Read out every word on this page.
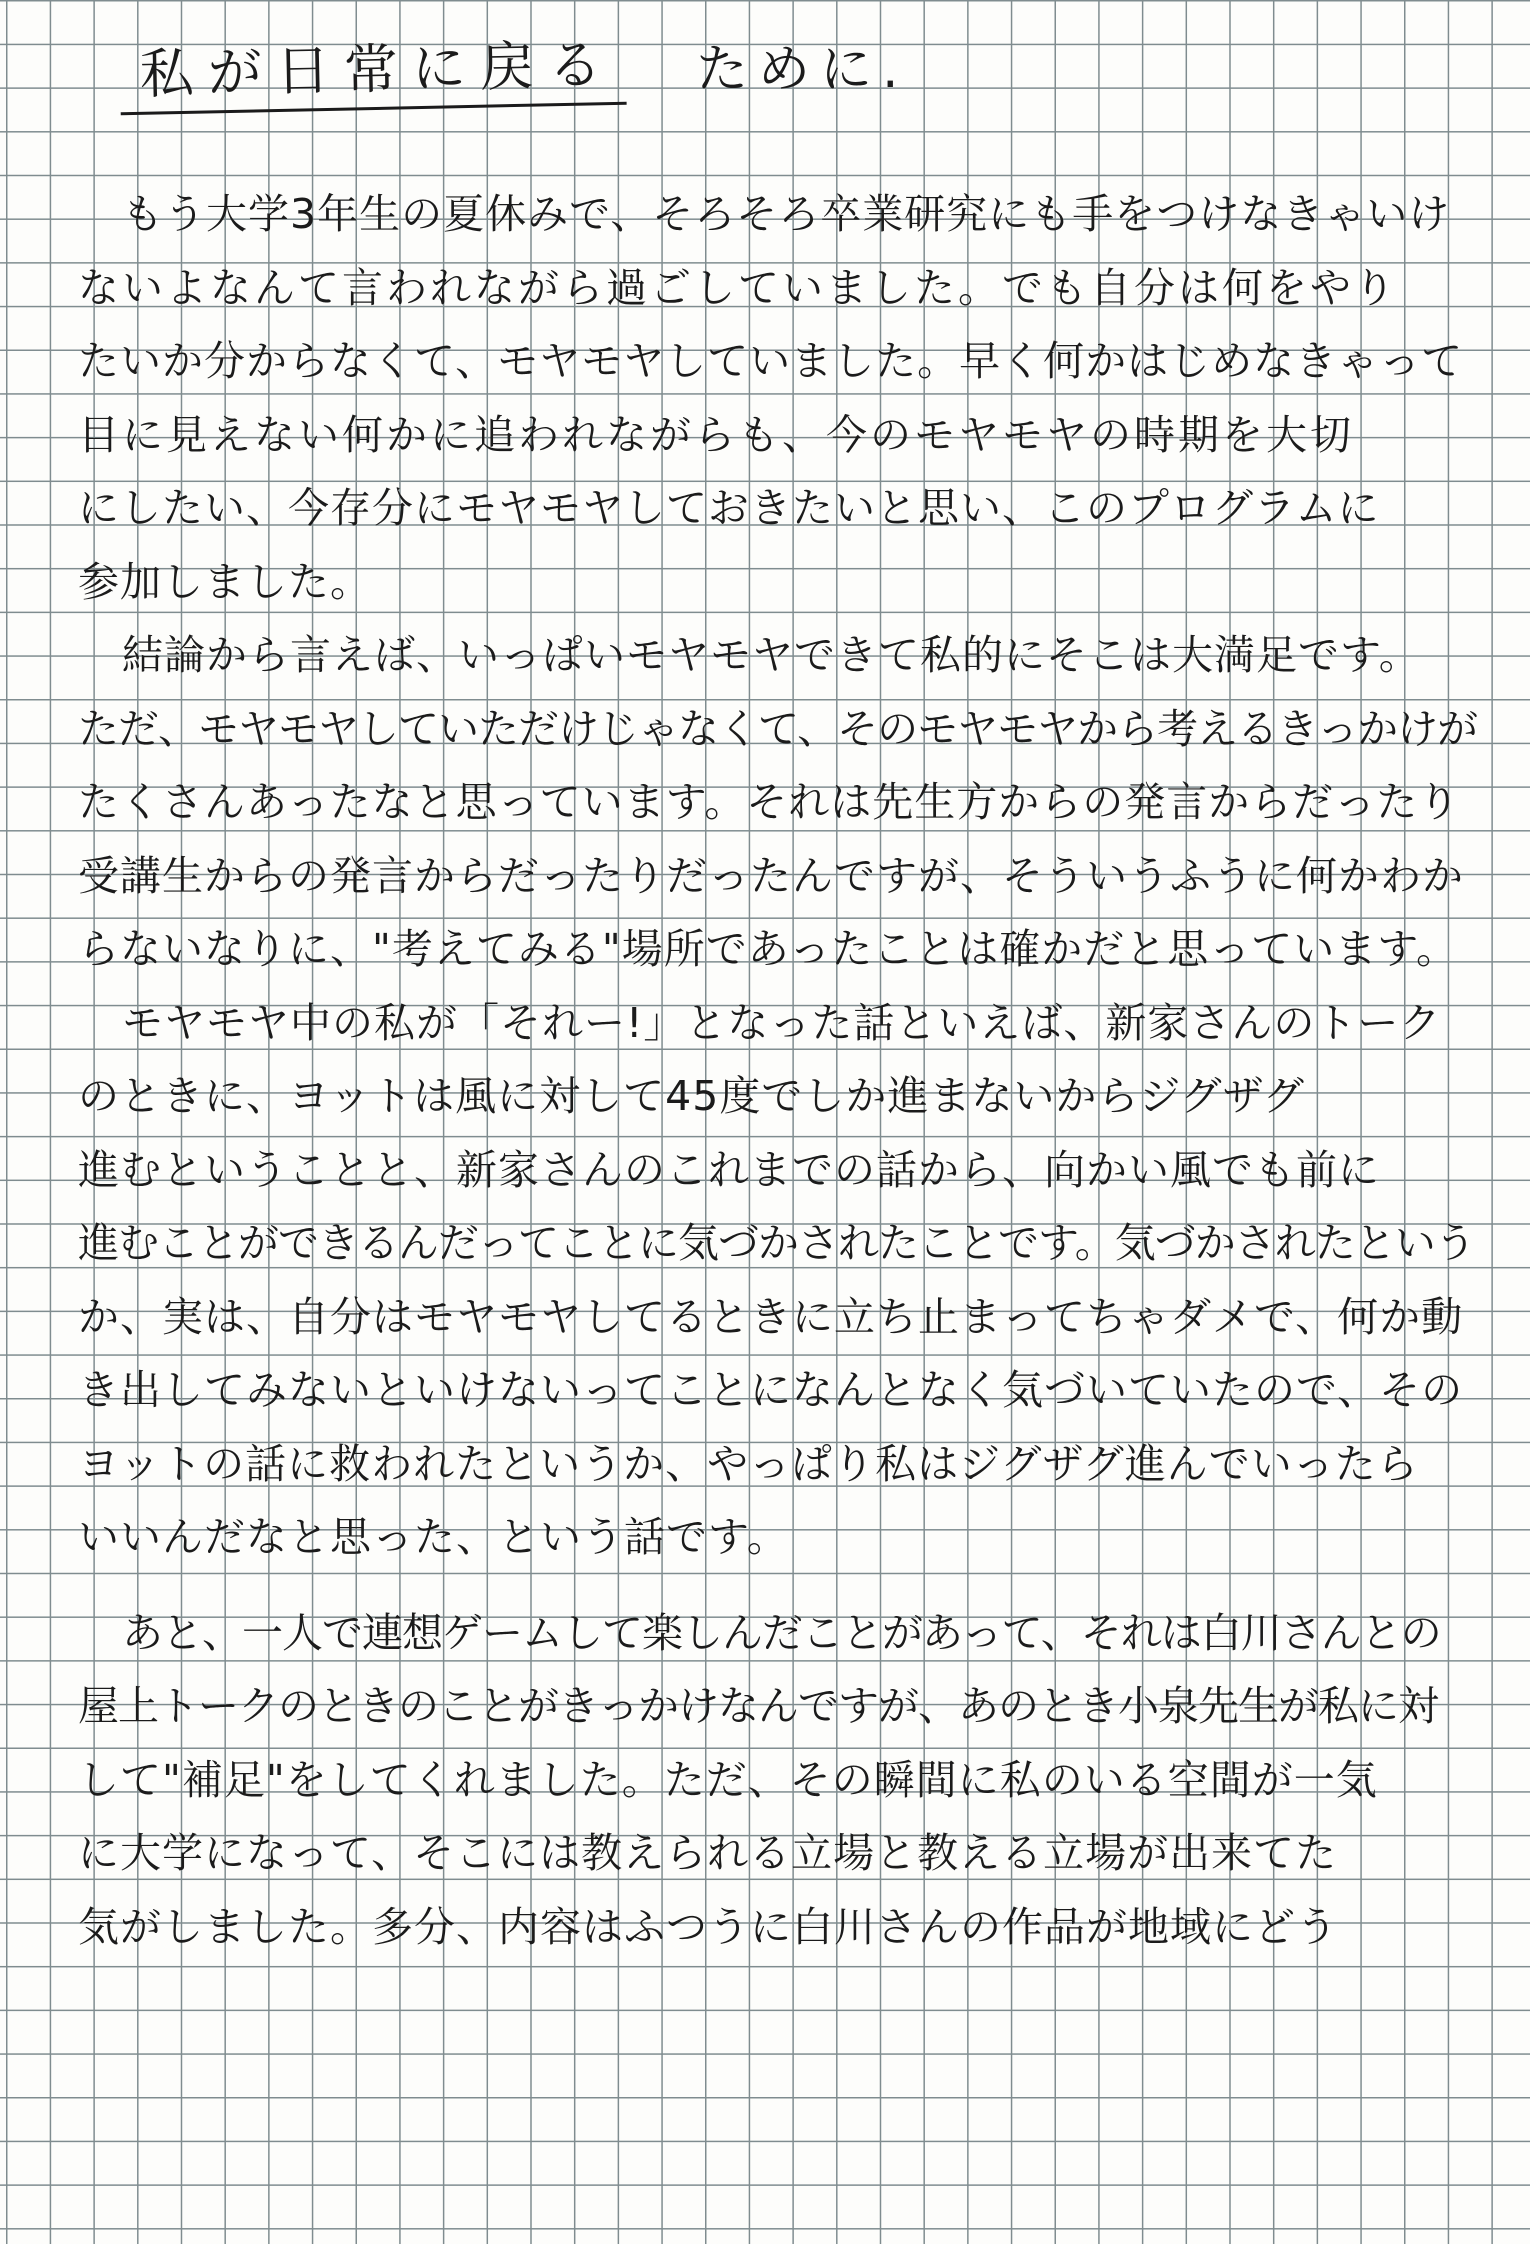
私が日常に戻る ために.
もう大学3年生の夏休みで、そろそろ卒業研究にも手をつけなきゃいけ
ないよなんて言われながら過ごしていました。でも自分は何をやり
たいか分からなくて、モヤモヤしていました。早く何かはじめなきゃって
目に見えない何かに追われながらも、今のモヤモヤの時期を大切
にしたい、今存分にモヤモヤしておきたいと思い、このプログラムに
参加しました。
結論から言えば、いっぱいモヤモヤできて私的にそこは大満足です。
ただ、モヤモヤしていただけじゃなくて、そのモヤモヤから考えるきっかけが
たくさんあったなと思っています。それは先生方からの発言からだったり
受講生からの発言からだったりだったんですが、そういうふうに何かわか
らないなりに、"考えてみる"場所であったことは確かだと思っています。
モヤモヤ中の私が「それー!」となった話といえば、新家さんのトーク
のときに、ヨットは風に対して45度でしか進まないからジグザグ
進むということと、新家さんのこれまでの話から、向かい風でも前に
進むことができるんだってことに気づかされたことです。気づかされたという
か、実は、自分はモヤモヤしてるときに立ち止まってちゃダメで、何か動
き出してみないといけないってことになんとなく気づいていたので、その
ヨットの話に救われたというか、やっぱり私はジグザグ進んでいったら
いいんだなと思った、という話です。
あと、一人で連想ゲームして楽しんだことがあって、それは白川さんとの
屋上トークのときのことがきっかけなんですが、あのとき小泉先生が私に対
して"補足"をしてくれました。ただ、その瞬間に私のいる空間が一気
に大学になって、そこには教えられる立場と教える立場が出来てた
気がしました。多分、内容はふつうに白川さんの作品が地域にどう
